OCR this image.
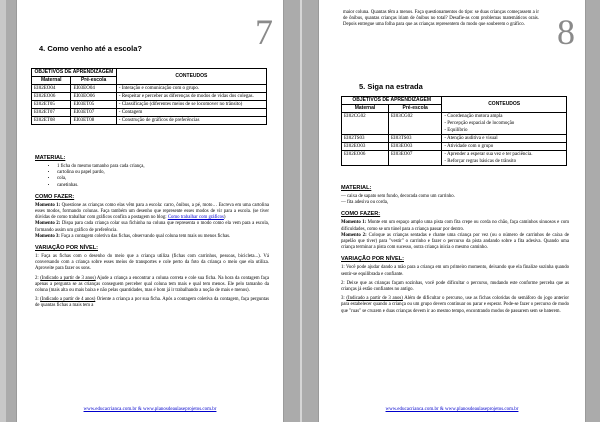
7
4. Como venho até a escola?
OBJETIVOS DE APRENDIZAGEM		CONTEUDOS
Maternal	Pré-escola	
EI02EO04	EI03EO04	- Interação e comunicação com o grupo.
EI02EO06	EI03EO06	- Respeitar e perceber as diferenças de modos de vidas dos colegas.
EI02ET05	EI03ET05	- Classificação (diferentes meios de se locomover no trânsito)
EI02ET07	EI03ET07	- Contagem
EI02ET08	EI03ET08	- Construção de gráficos de preferências
MATERIAL:
• 1 ficha do mesmo tamanho para cada criança,
• cartolina ou papel pardo,
• cola,
• canetinhas.
COMO FAZER:
Momento 1: Questione as crianças como elas vêm para a escola: carro, ônibus, a pé, moto… Escreva em uma cartolina esses modos, formando colunas. Faça também um desenho que represente esses modos de vir para a escola. (se tiver dúvidas de como trabalhar com gráficos confira a postagem no blog: Como trabalhar com gráficos)
Momento 2: Dispa para cada criança colar sua fichinha na coluna que representa o modo como ela vem para a escola, formando assim um gráfico de preferência.
Momento 3: Faça a contagem coletiva das fichas, observando qual coluna tem mais ou menos fichas.
VARIAÇÃO POR NÍVEL:
1: Faça as fichas com o desenho do meio que a criança utiliza (fichas com carrinhos, pessoas, bicicleta...). Vá conversando com a criança sobre esses meios de transportes e cole perto da foto da criança o meio que ela utiliza. Aproveite para fazer os sons.
2: (Indicado a partir de 3 anos) Ajude a criança a encontrar a coluna correta e cole sua ficha. Na hora da contagem faça apenas a pergunta se as crianças conseguem perceber qual coluna tem mais e qual tem menos. Ele pelo tamanho da coluna (mais alta ou mais baixa e não pelas quantidades, mas é bom já ir trabalhando a noção de mais e menos).
3: (Indicado a partir de 4 anos) Oriente a criança a por sua ficha. Após a contagem coletiva da contagem, faça perguntas de quantas fichas a mais tem a
www.educacrianca.com.br & www.planosdeaulaseprojetos.com.br
8
maior coluna. Quantas têm a menos. Faça questionamentos do tipo: se duas crianças começassem a ir de ônibus, quantas crianças iriam de ônibus no total? Desafie-as com problemas matemáticos orais. Depois entregue uma folha para que as crianças representem do modo que souberem o gráfico.
5. Siga na estrada
OBJETIVOS DE APRENDIZAGEM		CONTEUDOS
Maternal	Pré-escola	
EI02CG02	EI03CG02	- Coordenação motora ampla
- Percepção espacial de locomoção
- Equilíbrio
EI02TS03	EI03TS03	- Atenção auditiva e visual
EI02EO03	EI03EO03	- Atividade com o grupo
EI02EO06	EI03EO07	- Aprender a esperar sua vez e ter paciência.
- Reforçar regras básicas de trânsito
MATERIAL:
— caixa de sapato sem fundo, decorada como um carrinho.
— fita adesiva ou corda,
COMO FAZER:
Momento 1: Monte em um espaço amplo uma pista com fita crepe ou corda no chão, faça caminhos sinuosos e com dificuldades, como se um túnel para a criança passar por dentro.
Momento 2: Coloque as crianças sentadas e chame uma criança por vez (ou o número de carrinhos de caixa de papelão que tiver) para "vestir" o carrinho e fazer o percurso da pista andando sobre a fita adesiva. Quando uma criança terminar a pista com sucesso, outra criança inicia o mesmo caminho.
VARIAÇÃO POR NÍVEL:
1: Você pode ajudar dando a mão para a criança em um primeiro momento, deixando que ela finalize sozinha quando sentir-se equilibrada e confiante.
2: Deixe que as crianças façam sozinhas, você pode dificultar o percurso, mudando este conforme perceba que as crianças já estão confiantes no antigo.
3: (Indicado a partir de 3 anos) Além de dificultar o percurso, use as fichas coloridas do semáforo do jogo anterior para estabelecer quando a criança ou um grupo devem continuar ou parar e esperar. Pode-se fazer o percurso de modo que "ruas" se cruzem e duas crianças devem ir ao mesmo tempo, encontrando modos de passarem sem se baterem.
www.educacrianca.com.br & www.planosdeaulaseprojetos.com.br
